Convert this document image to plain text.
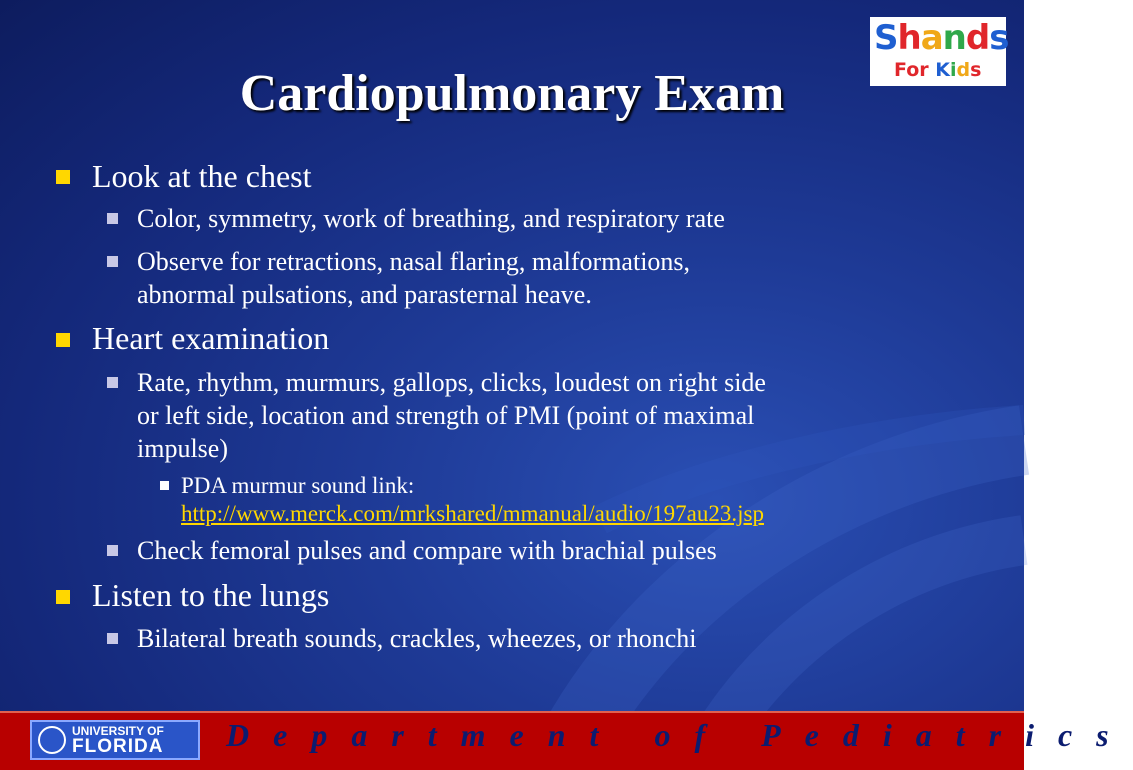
Cardiopulmonary Exam
Shands
For Kids
Look at the chest
Color, symmetry, work of breathing, and respiratory rate
Observe for retractions, nasal flaring, malformations,
abnormal pulsations, and parasternal heave.
Heart examination
Rate, rhythm, murmurs, gallops, clicks, loudest on right side
or left side, location and strength of PMI (point of maximal
impulse)
PDA murmur sound link:
http://www.merck.com/mrkshared/mmanual/audio/197au23.jsp
Check femoral pulses and compare with brachial pulses
Listen to the lungs
Bilateral breath sounds, crackles, wheezes, or rhonchi
UNIVERSITY OF
FLORIDA Department of Pediatrics
